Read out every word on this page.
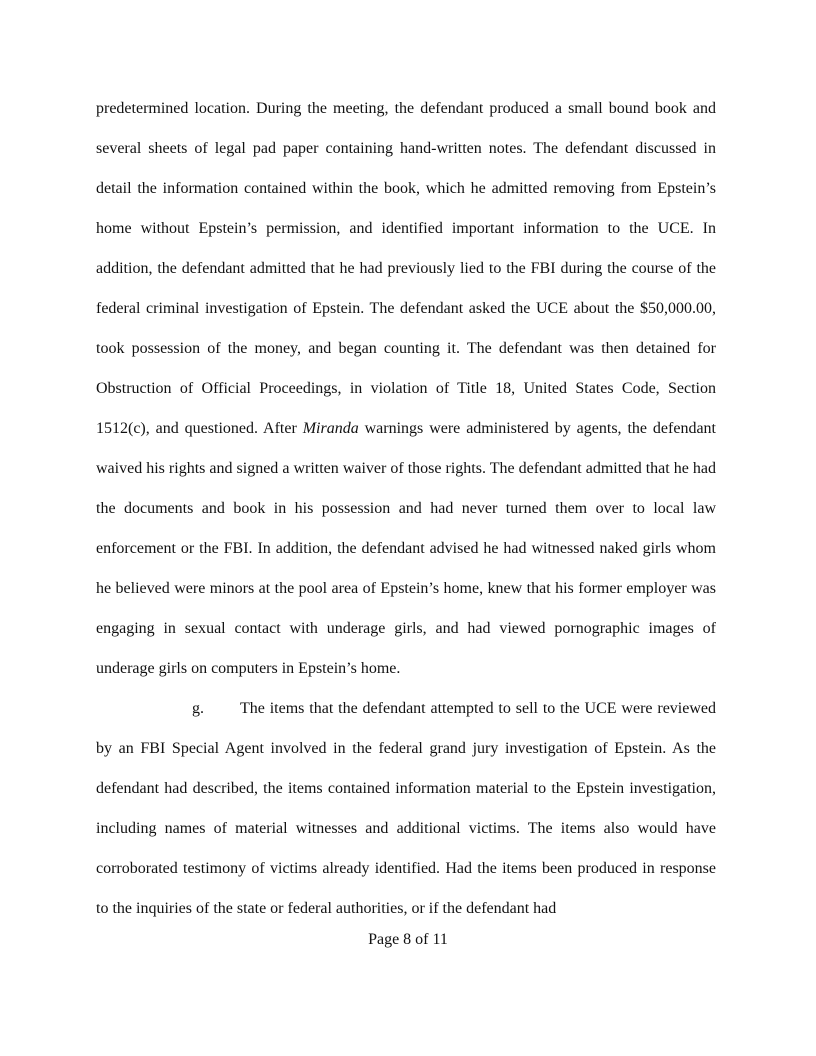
predetermined location. During the meeting, the defendant produced a small bound book and several sheets of legal pad paper containing hand-written notes. The defendant discussed in detail the information contained within the book, which he admitted removing from Epstein’s home without Epstein’s permission, and identified important information to the UCE. In addition, the defendant admitted that he had previously lied to the FBI during the course of the federal criminal investigation of Epstein. The defendant asked the UCE about the $50,000.00, took possession of the money, and began counting it. The defendant was then detained for Obstruction of Official Proceedings, in violation of Title 18, United States Code, Section 1512(c), and questioned. After Miranda warnings were administered by agents, the defendant waived his rights and signed a written waiver of those rights. The defendant admitted that he had the documents and book in his possession and had never turned them over to local law enforcement or the FBI. In addition, the defendant advised he had witnessed naked girls whom he believed were minors at the pool area of Epstein’s home, knew that his former employer was engaging in sexual contact with underage girls, and had viewed pornographic images of underage girls on computers in Epstein’s home.

g. The items that the defendant attempted to sell to the UCE were reviewed by an FBI Special Agent involved in the federal grand jury investigation of Epstein. As the defendant had described, the items contained information material to the Epstein investigation, including names of material witnesses and additional victims. The items also would have corroborated testimony of victims already identified. Had the items been produced in response to the inquiries of the state or federal authorities, or if the defendant had

Page 8 of 11
